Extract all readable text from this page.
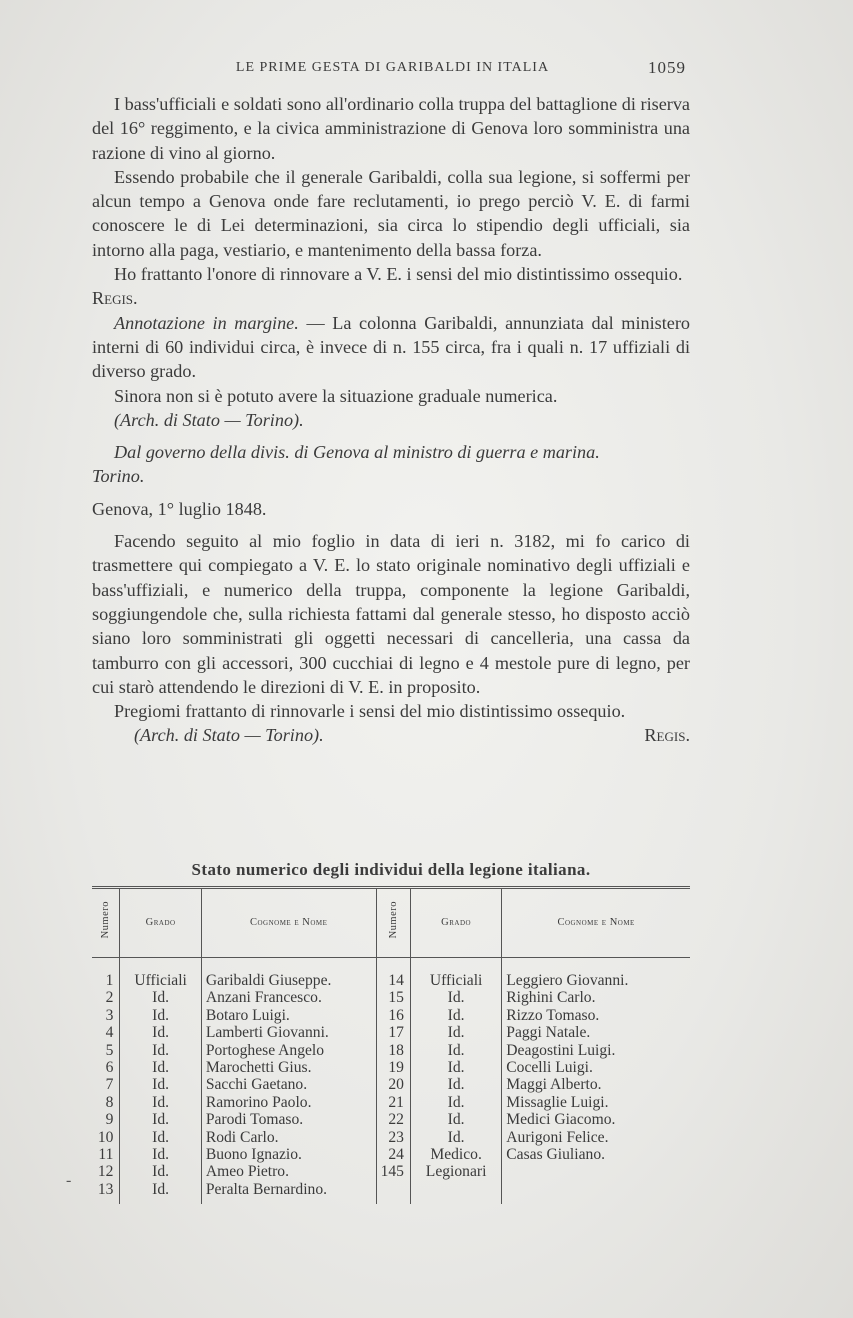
LE PRIME GESTA DI GARIBALDI IN ITALIA	1059

I bass'ufficiali e soldati sono all'ordinario colla truppa del battaglione di riserva del 16° reggimento, e la civica amministrazione di Genova loro somministra una razione di vino al giorno.

Essendo probabile che il generale Garibaldi, colla sua legione, si soffermi per alcun tempo a Genova onde fare reclutamenti, io prego perciò V. E. di farmi conoscere le di Lei determinazioni, sia circa lo stipendio degli ufficiali, sia intorno alla paga, vestiario, e mantenimento della bassa forza.

Ho frattanto l'onore di rinnovare a V. E. i sensi del mio distintissimo ossequio.

Regis.

Annotazione in margine. — La colonna Garibaldi, annunziata dal ministero interni di 60 individui circa, è invece di n. 155 circa, fra i quali n. 17 uffiziali di diverso grado.

Sinora non si è potuto avere la situazione graduale numerica.

(Arch. di Stato — Torino).

Dal governo della divis. di Genova al ministro di guerra e marina.

Torino.

Genova, 1° luglio 1848.

Facendo seguito al mio foglio in data di ieri n. 3182, mi fo carico di trasmettere qui compiegato a V. E. lo stato originale nominativo degli uffiziali e bass'uffiziali, e numerico della truppa, componente la legione Garibaldi, soggiungendole che, sulla richiesta fattami dal generale stesso, ho disposto acciò siano loro somministrati gli oggetti necessari di cancelleria, una cassa da tamburro con gli accessori, 300 cucchiai di legno e 4 mestole pure di legno, per cui starò attendendo le direzioni di V. E. in proposito.

Pregiomi frattanto di rinnovarle i sensi del mio distintissimo ossequio.

(Arch. di Stato — Torino).	Regis.

Stato numerico degli individui della legione italiana.
Numero	Grado	Cognome e Nome	Numero	Grado	Cognome e Nome
1	Ufficiali	Garibaldi Giuseppe.	14	Ufficiali	Leggiero Giovanni.
2	Id.	Anzani Francesco.	15	Id.	Righini Carlo.
3	Id.	Botaro Luigi.	16	Id.	Rizzo Tomaso.
4	Id.	Lamberti Giovanni.	17	Id.	Paggi Natale.
5	Id.	Portoghese Angelo	18	Id.	Deagostini Luigi.
6	Id.	Marochetti Gius.	19	Id.	Cocelli Luigi.
7	Id.	Sacchi Gaetano.	20	Id.	Maggi Alberto.
8	Id.	Ramorino Paolo.	21	Id.	Missaglie Luigi.
9	Id.	Parodi Tomaso.	22	Id.	Medici Giacomo.
10	Id.	Rodi Carlo.	23	Id.	Aurigoni Felice.
11	Id.	Buono Ignazio.	24	Medico.	Casas Giuliano.
12	Id.	Ameo Pietro.	145	Legionari	
13	Id.	Peralta Bernardino.			
-
